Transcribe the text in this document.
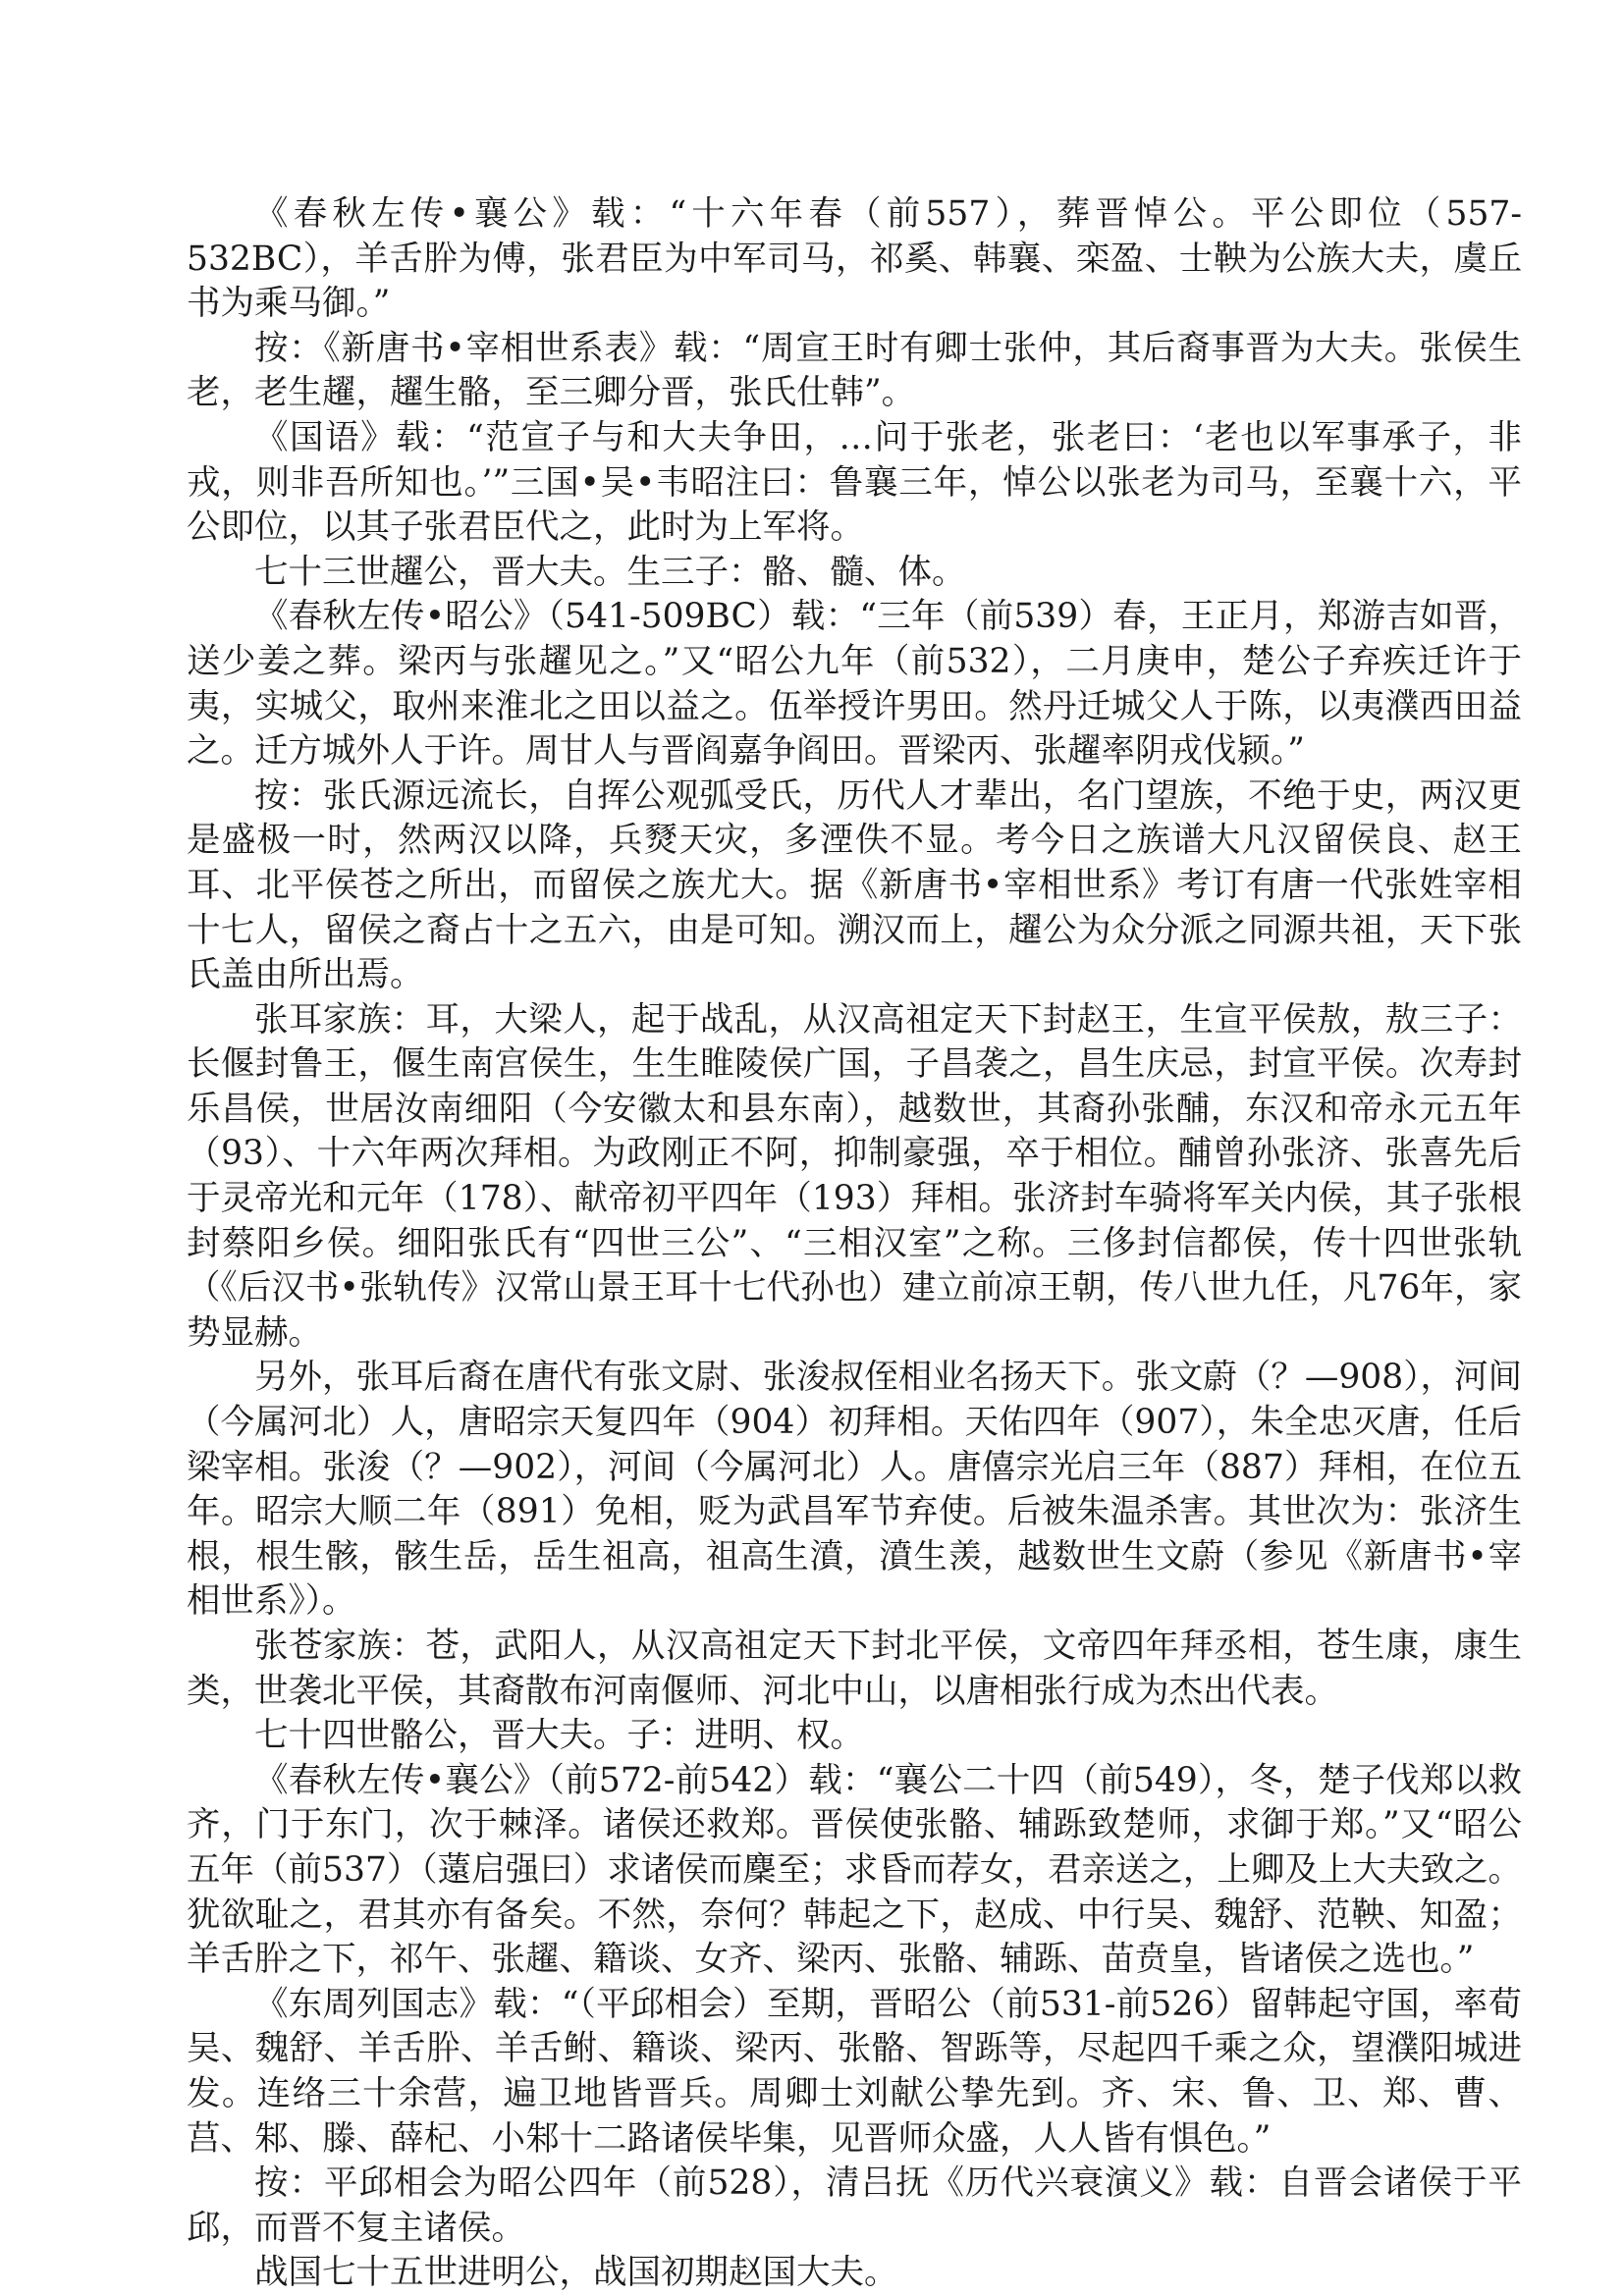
《春秋左传•襄公》载：“十六年春（前557），葬晋悼公。平公即位（557-532BC），羊舌肸为傅，张君臣为中军司马，祁奚、韩襄、栾盈、士鞅为公族大夫，虞丘书为乘马御。”

按：《新唐书•宰相世系表》载：“周宣王时有卿士张仲，其后裔事晋为大夫。张侯生老，老生趯，趯生骼，至三卿分晋，张氏仕韩”。

《国语》载：“范宣子与和大夫争田，…问于张老，张老曰：‘老也以军事承子，非戎，则非吾所知也。’”三国•吴•韦昭注曰：鲁襄三年，悼公以张老为司马，至襄十六，平公即位，以其子张君臣代之，此时为上军将。

七十三世趯公，晋大夫。生三子：骼、髓、体。

《春秋左传•昭公》（541-509BC）载：“三年（前539）春，王正月，郑游吉如晋，送少姜之葬。梁丙与张趯见之。”又“昭公九年（前532），二月庚申，楚公子弃疾迁许于夷，实城父，取州来淮北之田以益之。伍举授许男田。然丹迁城父人于陈，以夷濮西田益之。迁方城外人于许。周甘人与晋阎嘉争阎田。晋梁丙、张趯率阴戎伐颍。”

按：张氏源远流长，自挥公观弧受氏，历代人才辈出，名门望族，不绝于史，两汉更是盛极一时，然两汉以降，兵燹天灾，多湮佚不显。考今日之族谱大凡汉留侯良、赵王耳、北平侯苍之所出，而留侯之族尤大。据《新唐书•宰相世系》考订有唐一代张姓宰相十七人，留侯之裔占十之五六，由是可知。溯汉而上，趯公为众分派之同源共祖，天下张氏盖由所出焉。

张耳家族：耳，大梁人，起于战乱，从汉高祖定天下封赵王，生宣平侯敖，敖三子：长偃封鲁王，偃生南宫侯生，生生睢陵侯广国，子昌袭之，昌生庆忌，封宣平侯。次寿封乐昌侯，世居汝南细阳（今安徽太和县东南），越数世，其裔孙张酺，东汉和帝永元五年（93）、十六年两次拜相。为政刚正不阿，抑制豪强，卒于相位。酺曾孙张济、张喜先后于灵帝光和元年（178）、献帝初平四年（193）拜相。张济封车骑将军关内侯，其子张根封蔡阳乡侯。细阳张氏有“四世三公”、“三相汉室”之称。三侈封信都侯，传十四世张轨（《后汉书•张轨传》汉常山景王耳十七代孙也）建立前凉王朝，传八世九任，凡76年，家势显赫。

另外，张耳后裔在唐代有张文尉、张浚叔侄相业名扬天下。张文蔚（？—908），河间（今属河北）人，唐昭宗天复四年（904）初拜相。天佑四年（907），朱全忠灭唐，任后梁宰相。张浚（？—902），河间（今属河北）人。唐僖宗光启三年（887）拜相，在位五年。昭宗大顺二年（891）免相，贬为武昌军节弃使。后被朱温杀害。其世次为：张济生根，根生骸，骸生岳，岳生祖高，祖高生濆，濆生羡，越数世生文蔚（参见《新唐书•宰相世系》）。

张苍家族：苍，武阳人，从汉高祖定天下封北平侯，文帝四年拜丞相，苍生康，康生类，世袭北平侯，其裔散布河南偃师、河北中山，以唐相张行成为杰出代表。

七十四世骼公，晋大夫。子：进明、权。

《春秋左传•襄公》（前572-前542）载：“襄公二十四（前549），冬，楚子伐郑以救齐，门于东门，次于棘泽。诸侯还救郑。晋侯使张骼、辅跞致楚师，求御于郑。”又“昭公五年（前537）（薳启强曰）求诸侯而麇至；求昏而荐女，君亲送之，上卿及上大夫致之。犹欲耻之，君其亦有备矣。不然，奈何？韩起之下，赵成、中行吴、魏舒、范鞅、知盈；羊舌肸之下，祁午、张趯、籍谈、女齐、梁丙、张骼、辅跞、苗贲皇，皆诸侯之选也。”

《东周列国志》载：“（平邱相会）至期，晋昭公（前531-前526）留韩起守国，率荀吴、魏舒、羊舌肸、羊舌鲋、籍谈、梁丙、张骼、智跞等，尽起四千乘之众，望濮阳城进发。连络三十余营，遍卫地皆晋兵。周卿士刘献公挚先到。齐、宋、鲁、卫、郑、曹、莒、邾、滕、薛杞、小邾十二路诸侯毕集，见晋师众盛，人人皆有惧色。”

按：平邱相会为昭公四年（前528），清吕抚《历代兴衰演义》载：自晋会诸侯于平邱，而晋不复主诸侯。

战国七十五世进明公，战国初期赵国大夫。
